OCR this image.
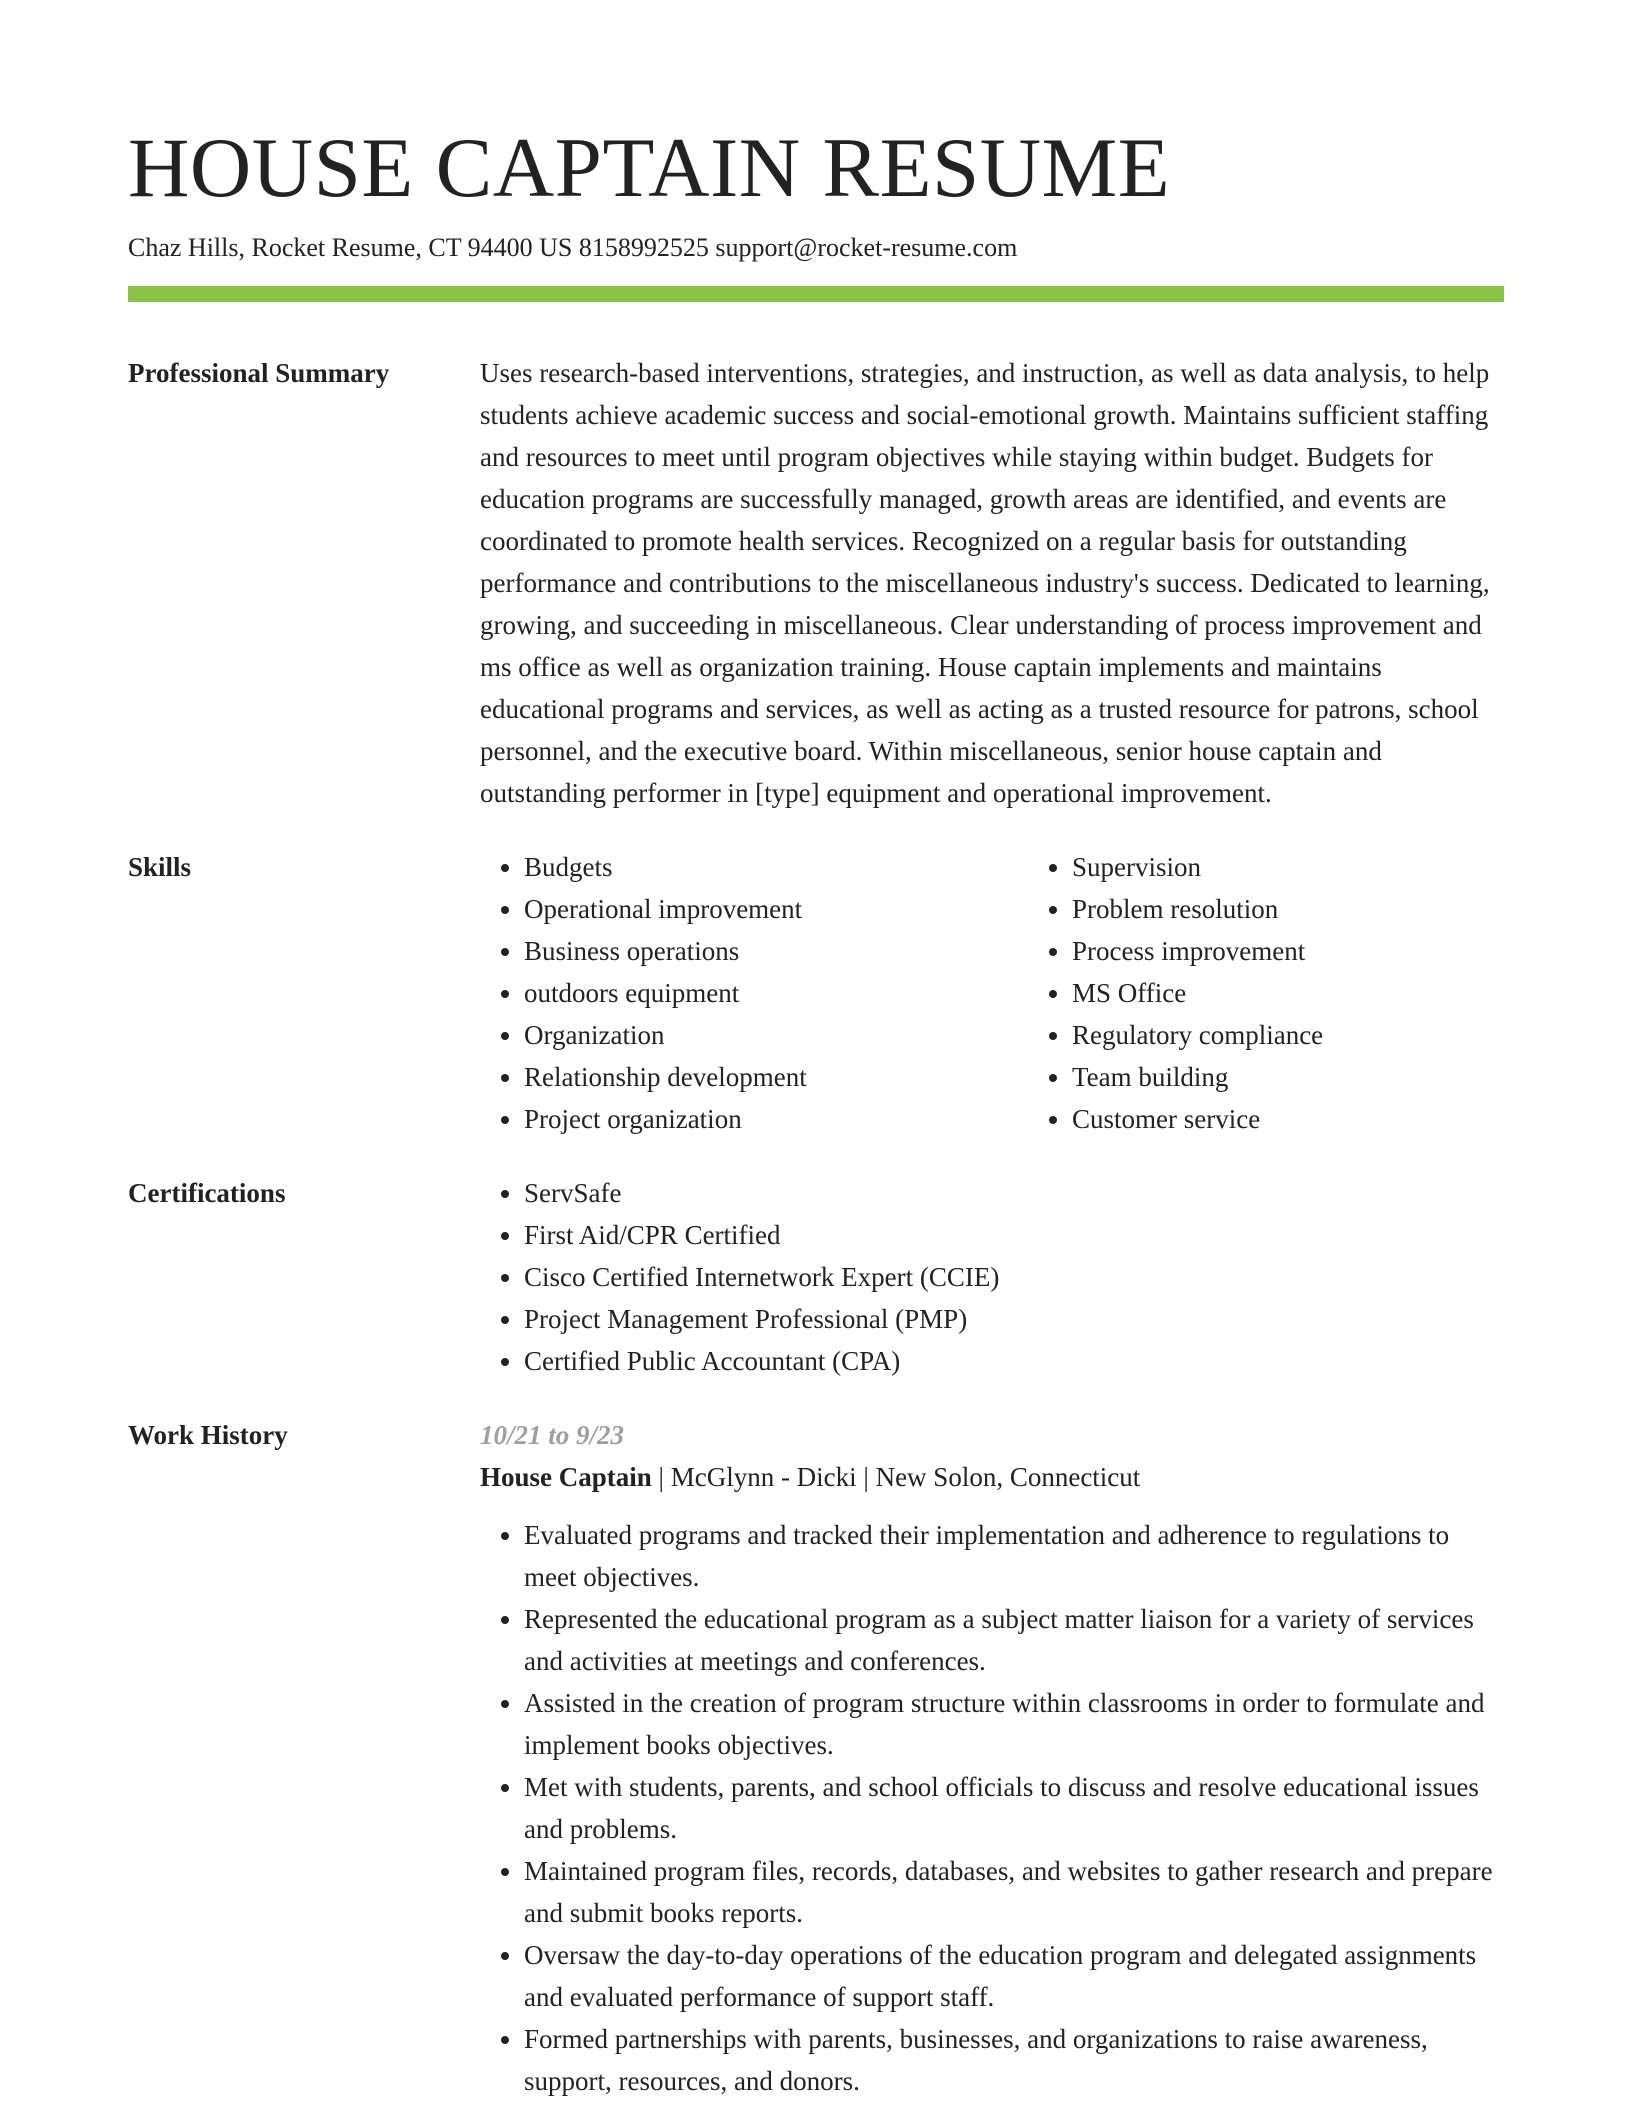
HOUSE CAPTAIN RESUME
Chaz Hills, Rocket Resume, CT 94400 US 8158992525 support@rocket-resume.com
Professional Summary	Uses research-based interventions, strategies, and instruction, as well as data analysis, to help students achieve academic success and social-emotional growth. Maintains sufficient staffing and resources to meet until program objectives while staying within budget. Budgets for education programs are successfully managed, growth areas are identified, and events are coordinated to promote health services. Recognized on a regular basis for outstanding performance and contributions to the miscellaneous industry's success. Dedicated to learning, growing, and succeeding in miscellaneous. Clear understanding of process improvement and ms office as well as organization training. House captain implements and maintains educational programs and services, as well as acting as a trusted resource for patrons, school personnel, and the executive board. Within miscellaneous, senior house captain and outstanding performer in [type] equipment and operational improvement.
Skills	• Budgets
• Operational improvement
• Business operations
• outdoors equipment
• Organization
• Relationship development
• Project organization
• Supervision
• Problem resolution
• Process improvement
• MS Office
• Regulatory compliance
• Team building
• Customer service
Certifications	• ServSafe
• First Aid/CPR Certified
• Cisco Certified Internetwork Expert (CCIE)
• Project Management Professional (PMP)
• Certified Public Accountant (CPA)
Work History	10/21 to 9/23
House Captain | McGlynn - Dicki | New Solon, Connecticut
• Evaluated programs and tracked their implementation and adherence to regulations to meet objectives.
• Represented the educational program as a subject matter liaison for a variety of services and activities at meetings and conferences.
• Assisted in the creation of program structure within classrooms in order to formulate and implement books objectives.
• Met with students, parents, and school officials to discuss and resolve educational issues and problems.
• Maintained program files, records, databases, and websites to gather research and prepare and submit books reports.
• Oversaw the day-to-day operations of the education program and delegated assignments and evaluated performance of support staff.
• Formed partnerships with parents, businesses, and organizations to raise awareness, support, resources, and donors.
